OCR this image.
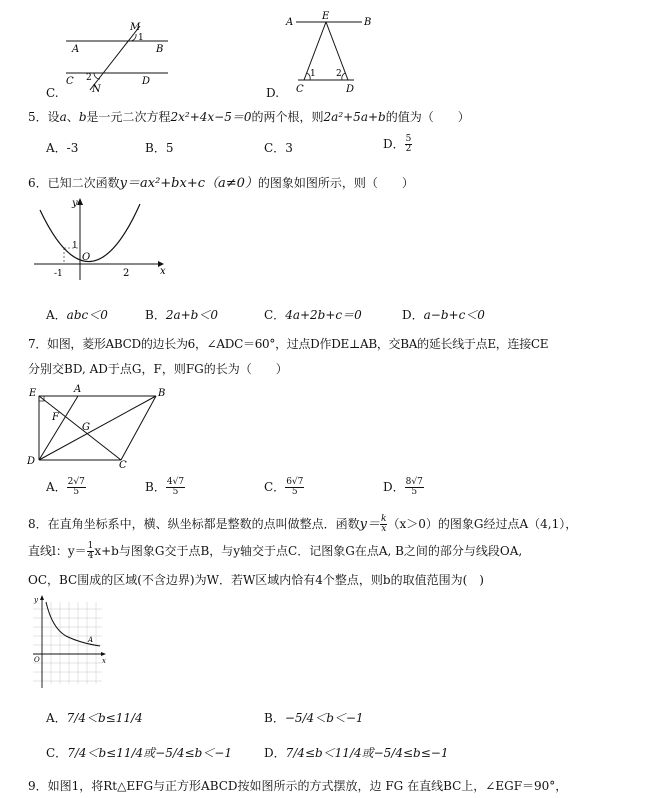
M
1
A	B
C 2	D
N
C.
A
E
B
1 2
C	D
D.
5．设a、b是一元二次方程2x²+4x−5＝0的两个根，则2a²+5a+b的值为（　　）
A．-3	B．5	C．3	D． $\frac{5}{2}$
6．已知二次函数y＝ax²+bx+c（a≠0）的图象如图所示，则（　　）
y
x
1
O
-1	2
A．abc＜0	B．2a+b＜0	C．4a+2b+c＝0	D．a−b+c＜0
7．如图，菱形ABCD的边长为6，∠ADC＝60°，过点D作DE⊥AB，交BA的延长线于点E，连接CE
分别交BD, AD于点G，F，则FG的长为（　　）
E	A	B
F
G
D	C
A． $\frac{2√7}{5}$	B． $\frac{4√7}{5}$	C． $\frac{6√7}{5}$	D． $\frac{8√7}{5}$
8．在直角坐标系中，横、纵坐标都是整数的点叫做整点．函数$y= \frac{k}{x} (x>0)$的图象G经过点A（4,1），
直线l：$y= \frac{1}{4} x+b$与图象G交于点B，与y轴交于点C．记图象G在点A, B之间的部分与线段OA,
OC，BC围成的区域(不含边界)为W．若W区域内恰有4个整点，则b的取值范围为(　)
y
x
O
A
A．7/4＜b≤11/4	B．−5/4＜b＜−1
C．7/4＜b≤11/4或−5/4≤b＜−1	D．7/4≤b＜11/4或−5/4≤b≤−1
9．如图1，将Rt△EFG与正方形ABCD按如图所示的方式摆放，边 FG 在直线BC上，∠EGF＝90°，
